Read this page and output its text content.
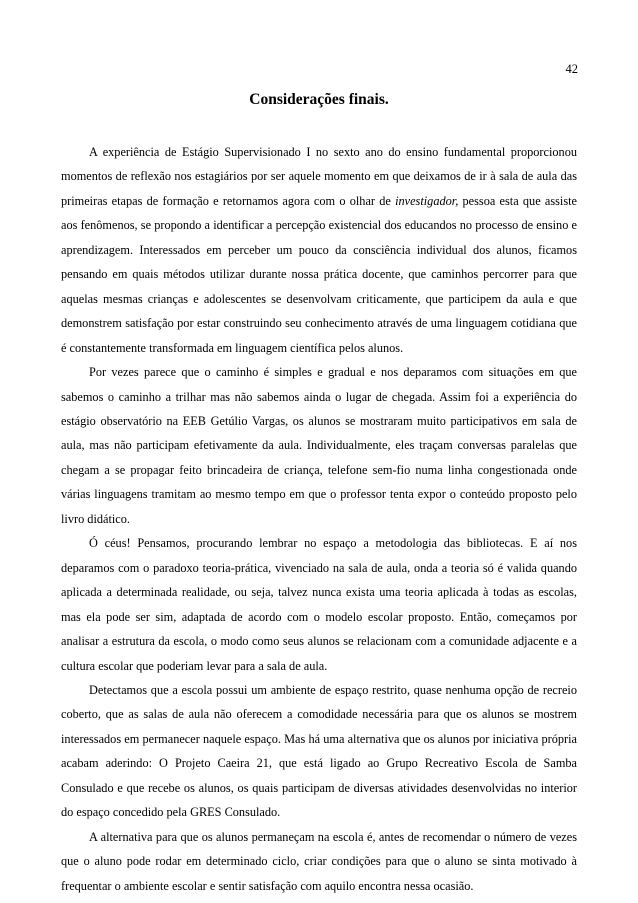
42
Considerações finais.

A experiência de Estágio Supervisionado I no sexto ano do ensino fundamental proporcionou momentos de reflexão nos estagiários por ser aquele momento em que deixamos de ir à sala de aula das primeiras etapas de formação e retornamos agora com o olhar de investigador, pessoa esta que assiste aos fenômenos, se propondo a identificar a percepção existencial dos educandos no processo de ensino e aprendizagem. Interessados em perceber um pouco da consciência individual dos alunos, ficamos pensando em quais métodos utilizar durante nossa prática docente, que caminhos percorrer para que aquelas mesmas crianças e adolescentes se desenvolvam criticamente, que participem da aula e que demonstrem satisfação por estar construindo seu conhecimento através de uma linguagem cotidiana que é constantemente transformada em linguagem científica pelos alunos.

Por vezes parece que o caminho é simples e gradual e nos deparamos com situações em que sabemos o caminho a trilhar mas não sabemos ainda o lugar de chegada. Assim foi a experiência do estágio observatório na EEB Getúlio Vargas, os alunos se mostraram muito participativos em sala de aula, mas não participam efetivamente da aula. Individualmente, eles traçam conversas paralelas que chegam a se propagar feito brincadeira de criança, telefone sem-fio numa linha congestionada onde várias linguagens tramitam ao mesmo tempo em que o professor tenta expor o conteúdo proposto pelo livro didático.

Ó céus! Pensamos, procurando lembrar no espaço a metodologia das bibliotecas. E aí nos deparamos com o paradoxo teoria-prática, vivenciado na sala de aula, onda a teoria só é valida quando aplicada a determinada realidade, ou seja, talvez nunca exista uma teoria aplicada à todas as escolas, mas ela pode ser sim, adaptada de acordo com o modelo escolar proposto. Então, começamos por analisar a estrutura da escola, o modo como seus alunos se relacionam com a comunidade adjacente e a cultura escolar que poderiam levar para a sala de aula.

Detectamos que a escola possui um ambiente de espaço restrito, quase nenhuma opção de recreio coberto, que as salas de aula não oferecem a comodidade necessária para que os alunos se mostrem interessados em permanecer naquele espaço. Mas há uma alternativa que os alunos por iniciativa própria acabam aderindo: O Projeto Caeira 21, que está ligado ao Grupo Recreativo Escola de Samba Consulado e que recebe os alunos, os quais participam de diversas atividades desenvolvidas no interior do espaço concedido pela GRES Consulado.

A alternativa para que os alunos permaneçam na escola é, antes de recomendar o número de vezes que o aluno pode rodar em determinado ciclo, criar condições para que o aluno se sinta motivado à frequentar o ambiente escolar e sentir satisfação com aquilo encontra nessa ocasião.
